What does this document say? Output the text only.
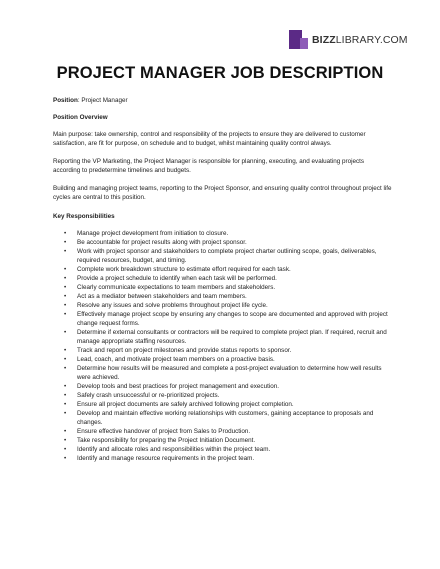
BIZZLIBRARY.COM
PROJECT MANAGER JOB DESCRIPTION

Position: Project Manager

Position Overview

Main purpose: take ownership, control and responsibility of the projects to ensure they are delivered to customer satisfaction, are fit for purpose, on schedule and to budget, whilst maintaining quality control always.

Reporting the VP Marketing, the Project Manager is responsible for planning, executing, and evaluating projects according to predetermine timelines and budgets.

Building and managing project teams, reporting to the Project Sponsor, and ensuring quality control throughout project life cycles are central to this position.

Key Responsibilities

• Manage project development from initiation to closure.
• Be accountable for project results along with project sponsor.
• Work with project sponsor and stakeholders to complete project charter outlining scope, goals, deliverables, required resources, budget, and timing.
• Complete work breakdown structure to estimate effort required for each task.
• Provide a project schedule to identify when each task will be performed.
• Clearly communicate expectations to team members and stakeholders.
• Act as a mediator between stakeholders and team members.
• Resolve any issues and solve problems throughout project life cycle.
• Effectively manage project scope by ensuring any changes to scope are documented and approved with project change request forms.
• Determine if external consultants or contractors will be required to complete project plan. If required, recruit and manage appropriate staffing resources.
• Track and report on project milestones and provide status reports to sponsor.
• Lead, coach, and motivate project team members on a proactive basis.
• Determine how results will be measured and complete a post-project evaluation to determine how well results were achieved.
• Develop tools and best practices for project management and execution.
• Safely crash unsuccessful or re-prioritized projects.
• Ensure all project documents are safely archived following project completion.
• Develop and maintain effective working relationships with customers, gaining acceptance to proposals and changes.
• Ensure effective handover of project from Sales to Production.
• Take responsibility for preparing the Project Initiation Document.
• Identify and allocate roles and responsibilities within the project team.
• Identify and manage resource requirements in the project team.
